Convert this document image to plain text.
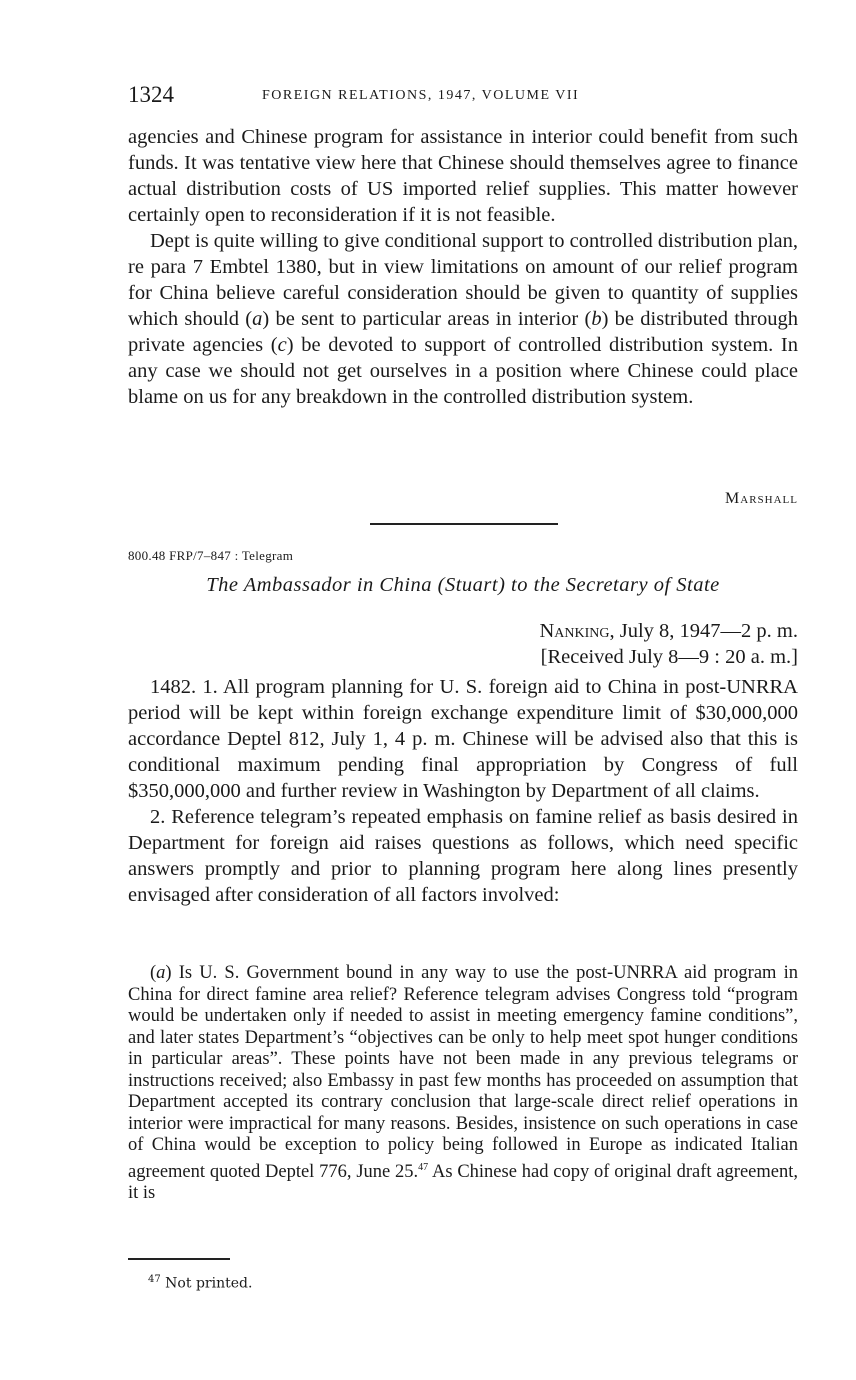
1324	FOREIGN RELATIONS, 1947, VOLUME VII

agencies and Chinese program for assistance in interior could benefit from such funds. It was tentative view here that Chinese should themselves agree to finance actual distribution costs of US imported relief supplies. This matter however certainly open to reconsideration if it is not feasible.

Dept is quite willing to give conditional support to controlled distribution plan, re para 7 Embtel 1380, but in view limitations on amount of our relief program for China believe careful consideration should be given to quantity of supplies which should (a) be sent to particular areas in interior (b) be distributed through private agencies (c) be devoted to support of controlled distribution system. In any case we should not get ourselves in a position where Chinese could place blame on us for any breakdown in the controlled distribution system.

Marshall
800.48 FRP/7–847 : Telegram
The Ambassador in China (Stuart) to the Secretary of State
Nanking, July 8, 1947—2 p. m.
[Received July 8—9 : 20 a. m.]

1482. 1. All program planning for U. S. foreign aid to China in post-UNRRA period will be kept within foreign exchange expenditure limit of $30,000,000 accordance Deptel 812, July 1, 4 p. m. Chinese will be advised also that this is conditional maximum pending final appropriation by Congress of full $350,000,000 and further review in Washington by Department of all claims.

2. Reference telegram’s repeated emphasis on famine relief as basis desired in Department for foreign aid raises questions as follows, which need specific answers promptly and prior to planning program here along lines presently envisaged after consideration of all factors involved:

(a) Is U. S. Government bound in any way to use the post-UNRRA aid program in China for direct famine area relief? Reference telegram advises Congress told “program would be undertaken only if needed to assist in meeting emergency famine conditions”, and later states Department’s “objectives can be only to help meet spot hunger conditions in particular areas”. These points have not been made in any previous telegrams or instructions received; also Embassy in past few months has proceeded on assumption that Department accepted its contrary conclusion that large-scale direct relief operations in interior were impractical for many reasons. Besides, insistence on such operations in case of China would be exception to policy being followed in Europe as indicated Italian agreement quoted Deptel 776, June 25.47 As Chinese had copy of original draft agreement, it is

$^{47}$ Not printed.
